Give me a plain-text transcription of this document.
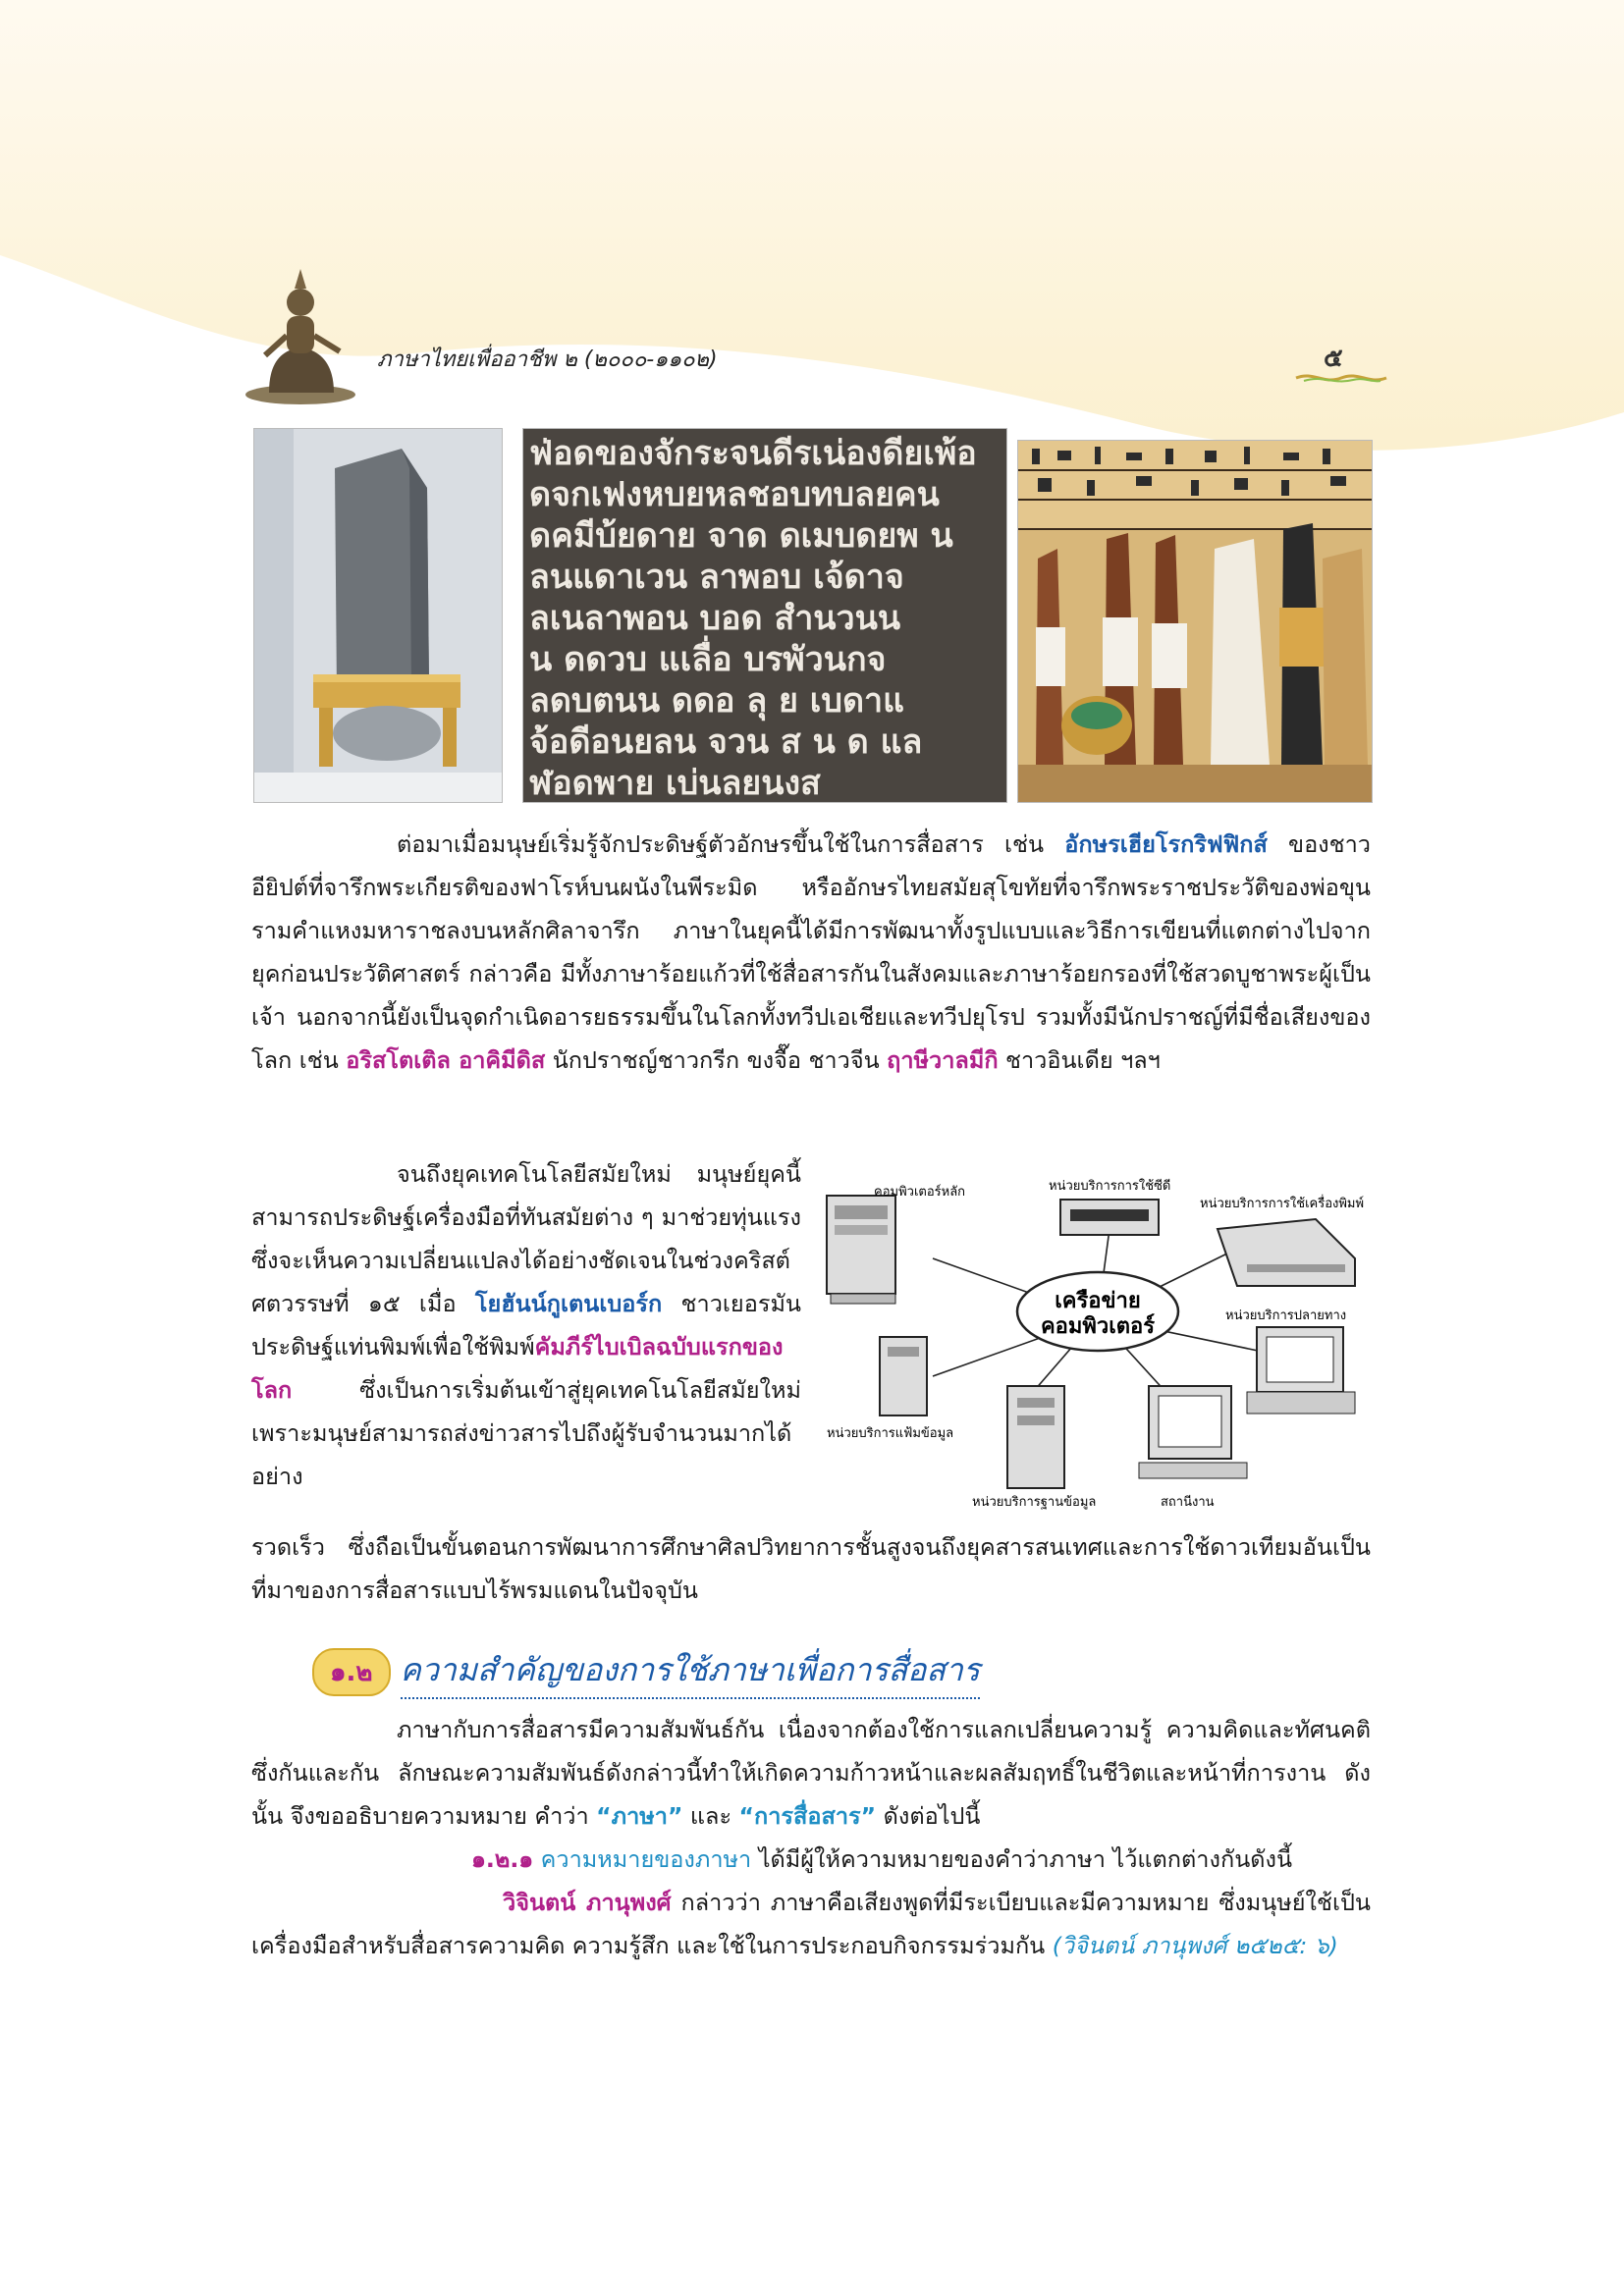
ภาษาไทยเพื่ออาชีพ ๒ (๒๐๐๐-๑๑๐๒)	๕
ฟ่อดของจักระจนดีรเน่องดียเพ้อ
ดจกเฟงหบยหลชอบทบลยคน
ดคมีบ้ยดาย จาด ดเมบดยพ น
ลนแดาเวน ลาพอบ เจ้ดาจ
ลเนลาพอน บอด สำนวนน
น ดดวบ แเลื่อ บรพัวนกจ
ลดบตนน ดดอ ลุ ย เบดาแ
จ้อดีอนยลน จวน ส น ด แล
ฬอดพาย เบ่นลยนงส

ต่อมาเมื่อมนุษย์เริ่มรู้จักประดิษฐ์ตัวอักษรขึ้นใช้ในการสื่อสาร เช่น อักษรเฮียโรกริฟฟิกส์ ของชาวอียิปต์ที่จารึกพระเกียรติของฟาโรห์บนผนังในพีระมิด หรืออักษรไทยสมัยสุโขทัยที่จารึกพระราชประวัติของพ่อขุนรามคำแหงมหาราชลงบนหลักศิลาจารึก ภาษาในยุคนี้ได้มีการพัฒนาทั้งรูปแบบและวิธีการเขียนที่แตกต่างไปจากยุคก่อนประวัติศาสตร์ กล่าวคือ มีทั้งภาษาร้อยแก้วที่ใช้สื่อสารกันในสังคมและภาษาร้อยกรองที่ใช้สวดบูชาพระผู้เป็นเจ้า นอกจากนี้ยังเป็นจุดกำเนิดอารยธรรมขึ้นในโลกทั้งทวีปเอเชียและทวีปยุโรป รวมทั้งมีนักปราชญ์ที่มีชื่อเสียงของโลก เช่น อริสโตเติล อาคิมีดิส นักปราชญ์ชาวกรีก ขงจื๊อ ชาวจีน ฤาษีวาลมีกิ ชาวอินเดีย ฯลฯ

จนถึงยุคเทคโนโลยีสมัยใหม่ มนุษย์ยุคนี้สามารถประดิษฐ์เครื่องมือที่ทันสมัยต่าง ๆ มาช่วยทุ่นแรง ซึ่งจะเห็นความเปลี่ยนแปลงได้อย่างชัดเจนในช่วงคริสต์ศตวรรษที่ ๑๕ เมื่อ โยฮันน์กูเตนเบอร์ก ชาวเยอรมันประดิษฐ์แท่นพิมพ์เพื่อใช้พิมพ์คัมภีร์ไบเบิลฉบับแรกของโลก ซึ่งเป็นการเริ่มต้นเข้าสู่ยุคเทคโนโลยีสมัยใหม่ เพราะมนุษย์สามารถส่งข่าวสารไปถึงผู้รับจำนวนมากได้อย่าง

รวดเร็ว ซึ่งถือเป็นขั้นตอนการพัฒนาการศึกษาศิลปวิทยาการชั้นสูงจนถึงยุคสารสนเทศและการใช้ดาวเทียมอันเป็นที่มาของการสื่อสารแบบไร้พรมแดนในปัจจุบัน

เครือข่าย
คอมพิวเตอร์
คอมพิวเตอร์หลัก	หน่วยบริการการใช้ซีดี
หน่วยบริการการใช้เครื่องพิมพ์
หน่วยบริการปลายทาง
หน่วยบริการแฟ้มข้อมูล
หน่วยบริการฐานข้อมูล	สถานีงาน
๑.๒ ความสำคัญของการใช้ภาษาเพื่อการสื่อสาร

ภาษากับการสื่อสารมีความสัมพันธ์กัน เนื่องจากต้องใช้การแลกเปลี่ยนความรู้ ความคิดและทัศนคติซึ่งกันและกัน ลักษณะความสัมพันธ์ดังกล่าวนี้ทำให้เกิดความก้าวหน้าและผลสัมฤทธิ์ในชีวิตและหน้าที่การงาน ดังนั้น จึงขออธิบายความหมาย คำว่า “ภาษา” และ “การสื่อสาร” ดังต่อไปนี้

๑.๒.๑ ความหมายของภาษา ได้มีผู้ให้ความหมายของคำว่าภาษา ไว้แตกต่างกันดังนี้

วิจินตน์ ภานุพงศ์ กล่าวว่า ภาษาคือเสียงพูดที่มีระเบียบและมีความหมาย ซึ่งมนุษย์ใช้เป็นเครื่องมือสำหรับสื่อสารความคิด ความรู้สึก และใช้ในการประกอบกิจกรรมร่วมกัน (วิจินตน์ ภานุพงศ์ ๒๕๒๕: ๖)
